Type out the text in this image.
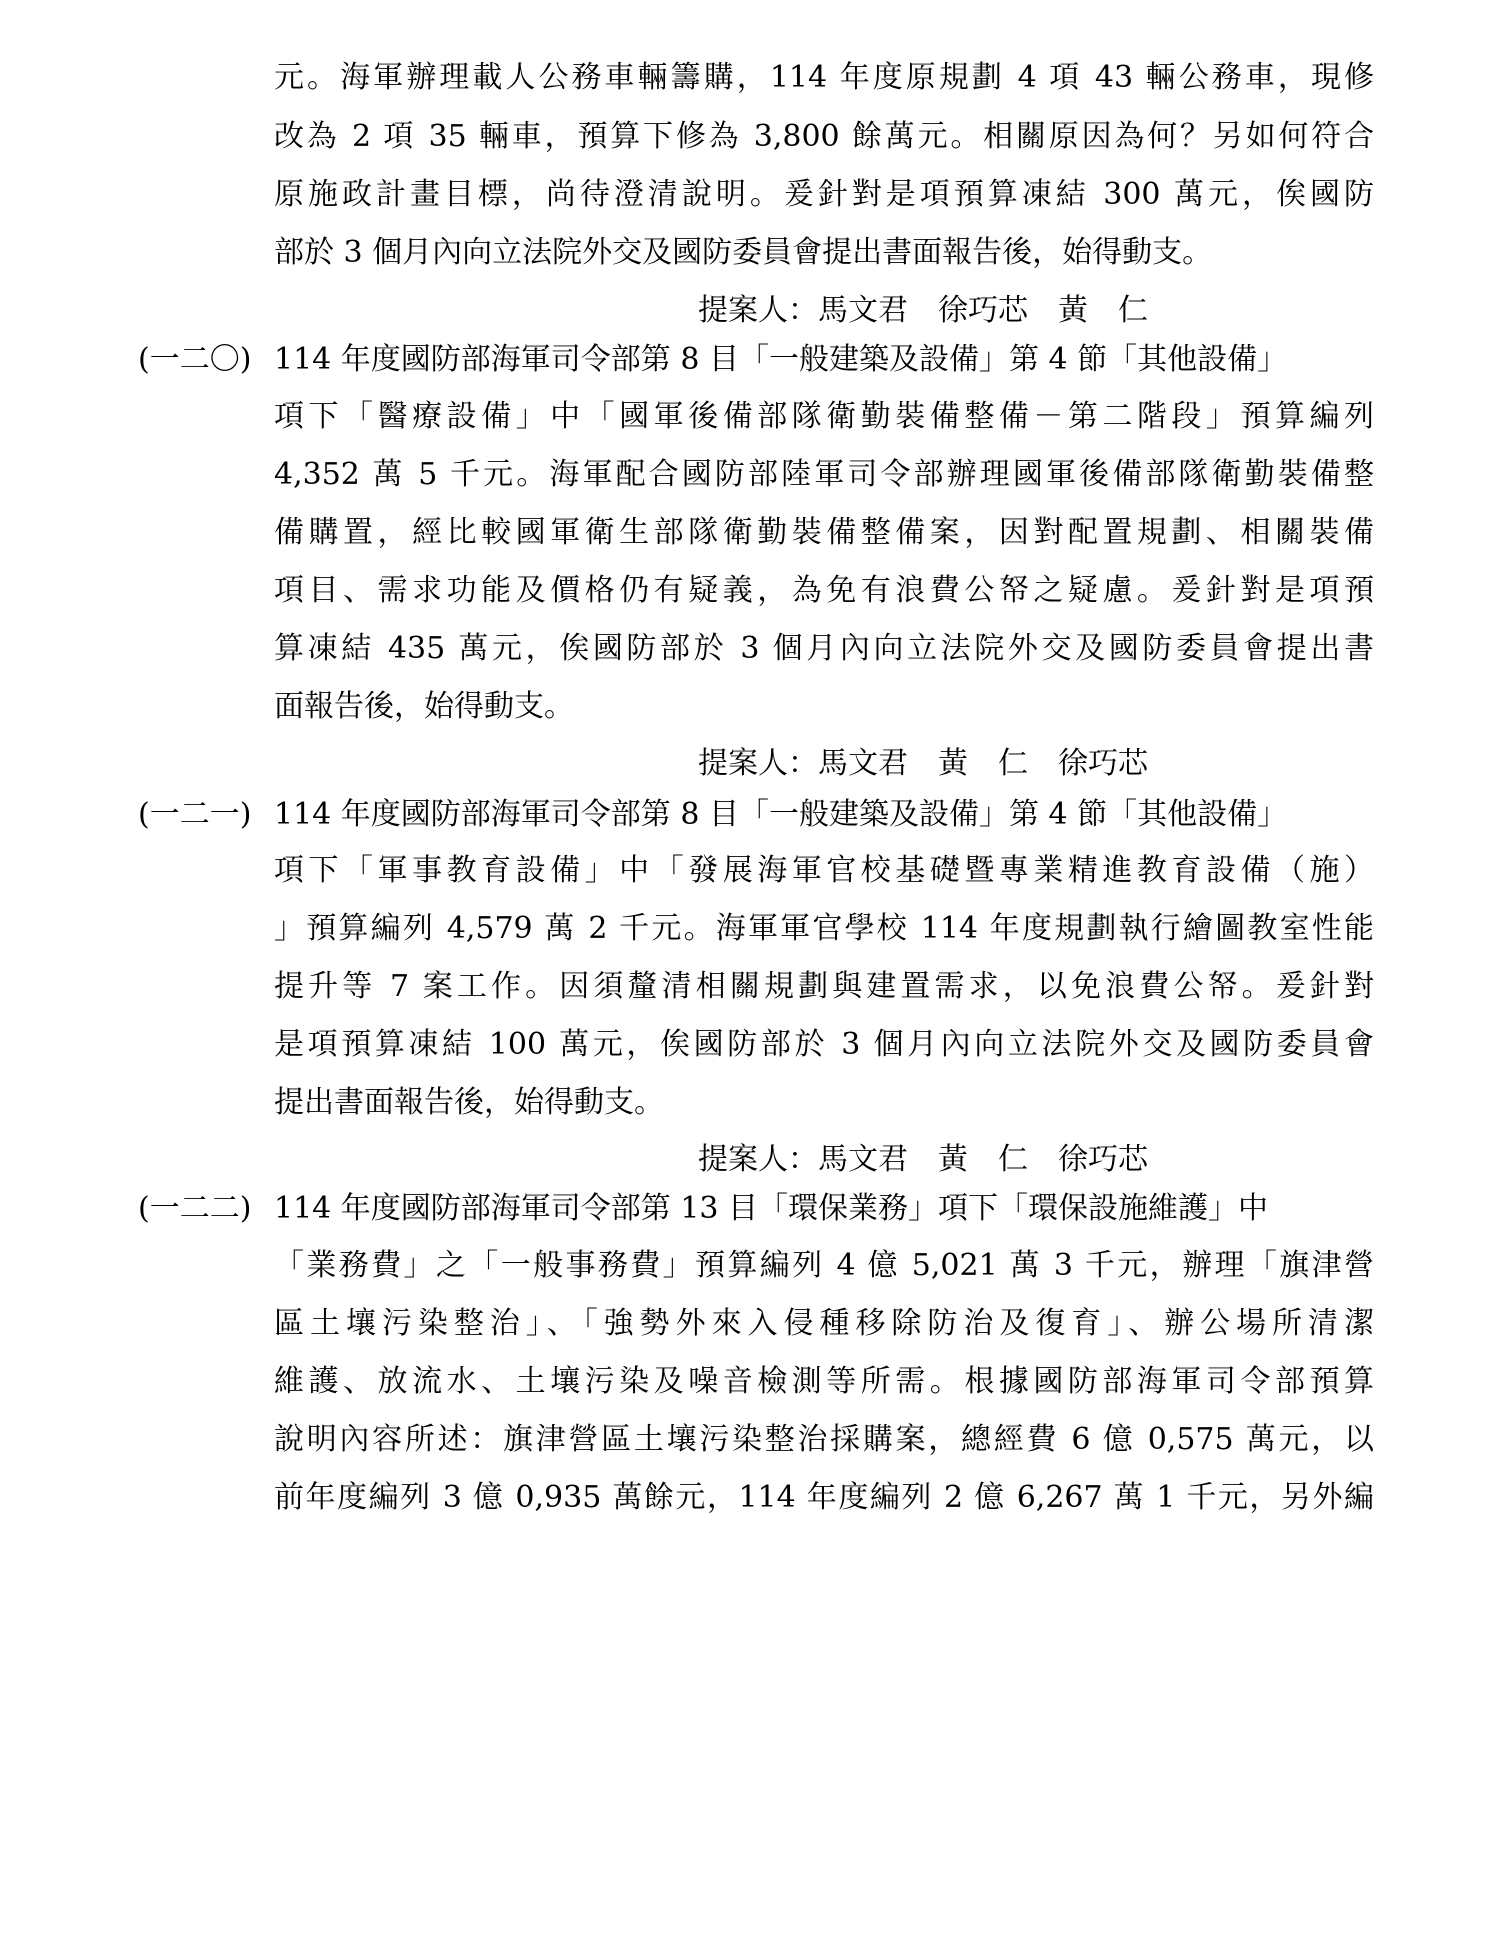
元。海軍辦理載人公務車輛籌購，114 年度原規劃 4 項 43 輛公務車，現修
改為 2 項 35 輛車，預算下修為 3,800 餘萬元。相關原因為何？另如何符合
原施政計畫目標，尚待澄清說明。爰針對是項預算凍結 300 萬元，俟國防
部於 3 個月內向立法院外交及國防委員會提出書面報告後，始得動支。
提案人：馬文君　徐巧芯　黃　仁
(一二〇) 114 年度國防部海軍司令部第 8 目「一般建築及設備」第 4 節「其他設備」
項下「醫療設備」中「國軍後備部隊衛勤裝備整備－第二階段」預算編列
4,352 萬 5 千元。海軍配合國防部陸軍司令部辦理國軍後備部隊衛勤裝備整
備購置，經比較國軍衛生部隊衛勤裝備整備案，因對配置規劃、相關裝備
項目、需求功能及價格仍有疑義，為免有浪費公帑之疑慮。爰針對是項預
算凍結 435 萬元，俟國防部於 3 個月內向立法院外交及國防委員會提出書
面報告後，始得動支。
提案人：馬文君　黃　仁　徐巧芯
(一二一) 114 年度國防部海軍司令部第 8 目「一般建築及設備」第 4 節「其他設備」
項下「軍事教育設備」中「發展海軍官校基礎暨專業精進教育設備（施）
」預算編列 4,579 萬 2 千元。海軍軍官學校 114 年度規劃執行繪圖教室性能
提升等 7 案工作。因須釐清相關規劃與建置需求，以免浪費公帑。爰針對
是項預算凍結 100 萬元，俟國防部於 3 個月內向立法院外交及國防委員會
提出書面報告後，始得動支。
提案人：馬文君　黃　仁　徐巧芯
(一二二) 114 年度國防部海軍司令部第 13 目「環保業務」項下「環保設施維護」中
「業務費」之「一般事務費」預算編列 4 億 5,021 萬 3 千元，辦理「旗津營
區土壤污染整治」、「強勢外來入侵種移除防治及復育」、辦公場所清潔
維護、放流水、土壤污染及噪音檢測等所需。根據國防部海軍司令部預算
說明內容所述：旗津營區土壤污染整治採購案，總經費 6 億 0,575 萬元，以
前年度編列 3 億 0,935 萬餘元，114 年度編列 2 億 6,267 萬 1 千元，另外編
